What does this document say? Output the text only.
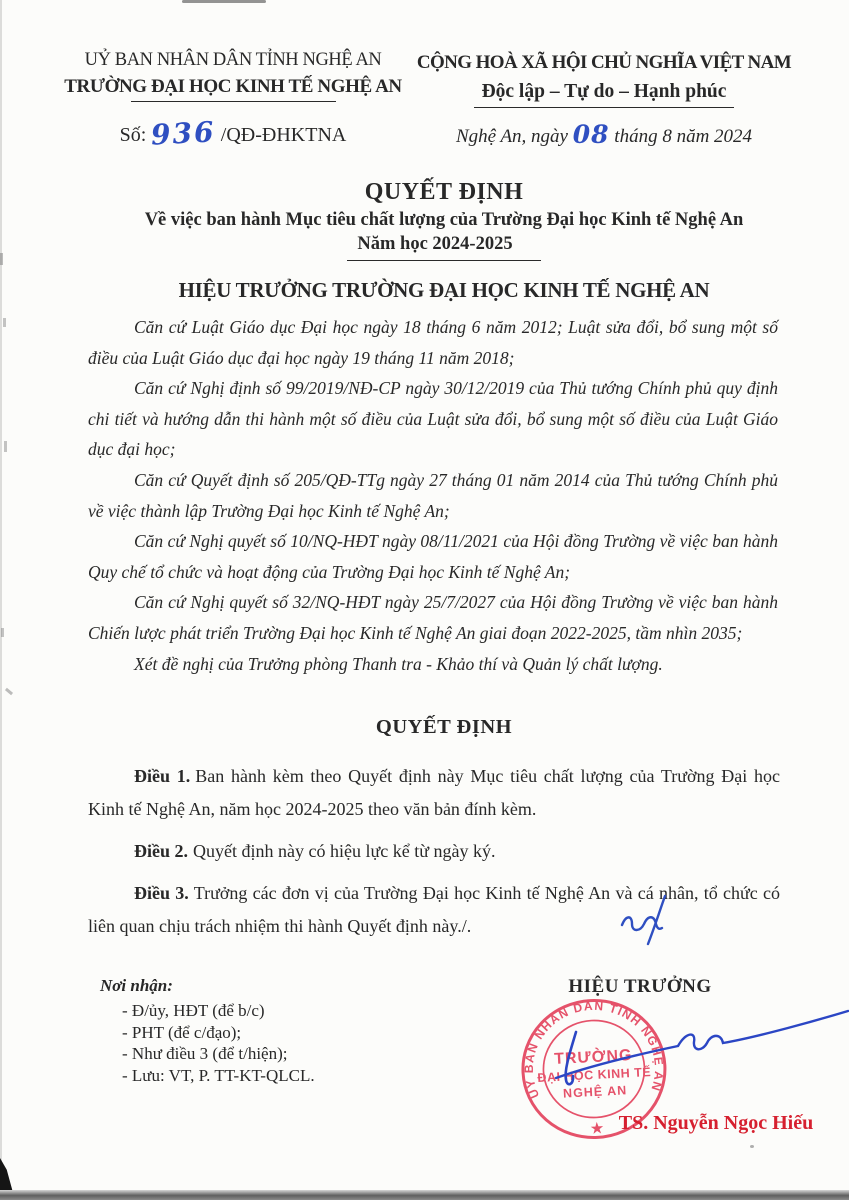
UỶ BAN NHÂN DÂN TỈNH NGHỆ AN
TRƯỜNG ĐẠI HỌC KINH TẾ NGHỆ AN
Số: 936 /QĐ-ĐHKTNA
CỘNG HOÀ XÃ HỘI CHỦ NGHĨA VIỆT NAM
Độc lập – Tự do – Hạnh phúc
Nghệ An, ngày 08 tháng 8 năm 2024
QUYẾT ĐỊNH
Về việc ban hành Mục tiêu chất lượng của Trường Đại học Kinh tế Nghệ An
Năm học 2024-2025
HIỆU TRƯỞNG TRƯỜNG ĐẠI HỌC KINH TẾ NGHỆ AN

Căn cứ Luật Giáo dục Đại học ngày 18 tháng 6 năm 2012; Luật sửa đổi, bổ sung một số điều của Luật Giáo dục đại học ngày 19 tháng 11 năm 2018;

Căn cứ Nghị định số 99/2019/NĐ-CP ngày 30/12/2019 của Thủ tướng Chính phủ quy định chi tiết và hướng dẫn thi hành một số điều của Luật sửa đổi, bổ sung một số điều của Luật Giáo dục đại học;

Căn cứ Quyết định số 205/QĐ-TTg ngày 27 tháng 01 năm 2014 của Thủ tướng Chính phủ về việc thành lập Trường Đại học Kinh tế Nghệ An;

Căn cứ Nghị quyết số 10/NQ-HĐT ngày 08/11/2021 của Hội đồng Trường về việc ban hành Quy chế tổ chức và hoạt động của Trường Đại học Kinh tế Nghệ An;

Căn cứ Nghị quyết số 32/NQ-HĐT ngày 25/7/2027 của Hội đồng Trường về việc ban hành Chiến lược phát triển Trường Đại học Kinh tế Nghệ An giai đoạn 2022-2025, tầm nhìn 2035;

Xét đề nghị của Trưởng phòng Thanh tra - Khảo thí và Quản lý chất lượng.

QUYẾT ĐỊNH

Điều 1. Ban hành kèm theo Quyết định này Mục tiêu chất lượng của Trường Đại học Kinh tế Nghệ An, năm học 2024-2025 theo văn bản đính kèm.

Điều 2. Quyết định này có hiệu lực kể từ ngày ký.

Điều 3. Trưởng các đơn vị của Trường Đại học Kinh tế Nghệ An và cá nhân, tổ chức có liên quan chịu trách nhiệm thi hành Quyết định này./.

Nơi nhận:
- Đ/ủy, HĐT (để b/c)
- PHT (để c/đạo);
- Như điều 3 (để t/hiện);
- Lưu: VT, P. TT-KT-QLCL.
HIỆU TRƯỞNG
UỶ BAN NHÂN DÂN TỈNH NGHỆ AN
TRƯỜNG
ĐẠI HỌC KINH TẾ
NGHỆ AN
★ TS. Nguyễn Ngọc Hiếu
